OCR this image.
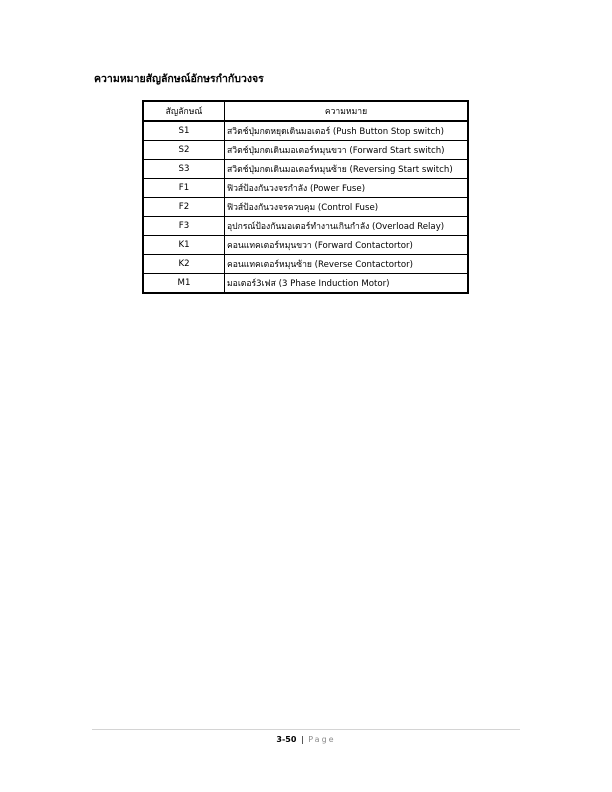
ความหมายสัญลักษณ์อักษรกำกับวงจร
สัญลักษณ์	ความหมาย
S1	สวิตช์ปุ่มกดหยุดเดินมอเตอร์ (Push Button Stop switch)
S2	สวิตช์ปุ่มกดเดินมอเตอร์หมุนขวา (Forward Start switch)
S3	สวิตช์ปุ่มกดเดินมอเตอร์หมุนซ้าย (Reversing Start switch)
F1	ฟิวส์ป้องกันวงจรกำลัง (Power Fuse)
F2	ฟิวส์ป้องกันวงจรควบคุม (Control Fuse)
F3	อุปกรณ์ป้องกันมอเตอร์ทำงานเกินกำลัง (Overload Relay)
K1	คอนแทคเตอร์หมุนขวา (Forward Contactortor)
K2	คอนแทคเตอร์หมุนซ้าย (Reverse Contactortor)
M1	มอเตอร์3เฟส (3 Phase Induction Motor)
3-50 | Page
